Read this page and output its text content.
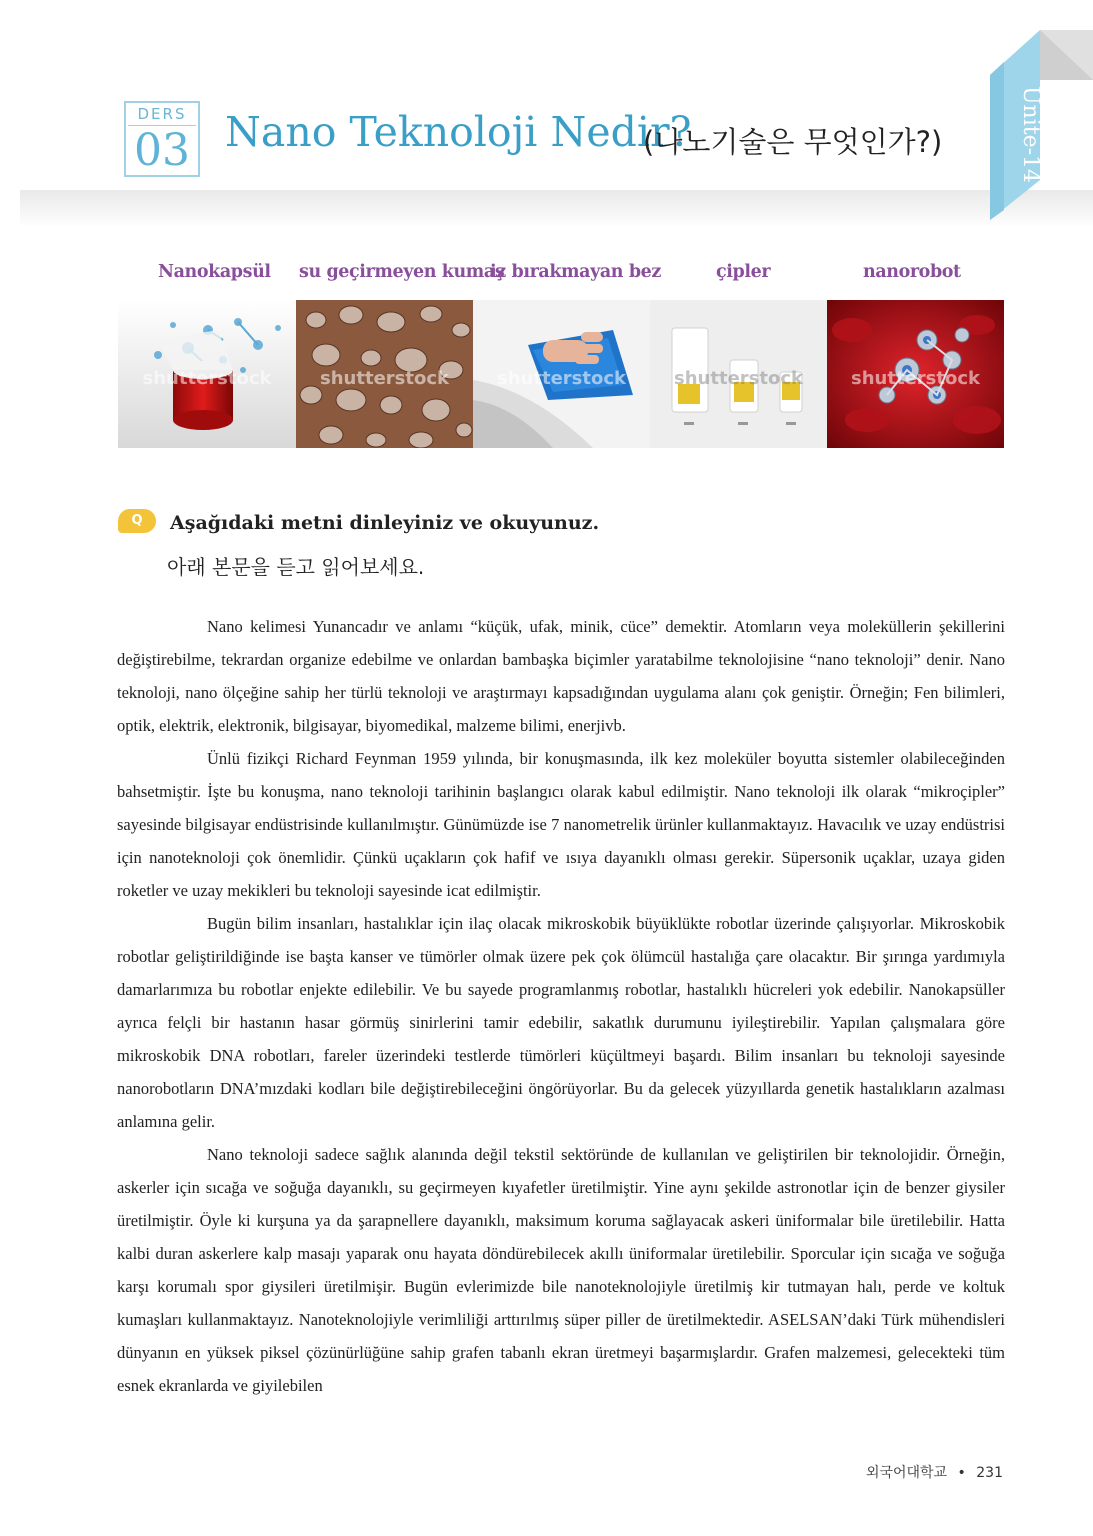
DERS
03 Nano Teknoloji Nedir?
(나노기술은 무엇인가?)	Ünite-14
Nanokapsül su geçirmeyen kumaş
iz bırakmayan bez	çipler	nanorobot
shutterstock	shutterstock	shutterstock	shutterstock	shutterstock
Q	Aşağıdaki metni dinleyiniz ve okuyunuz.
아래 본문을 듣고 읽어보세요.

Nano kelimesi Yunancadır ve anlamı “küçük, ufak, minik, cüce” demektir. Atomların veya moleküllerin şekillerini değiştirebilme, tekrardan organize edebilme ve onlardan bambaşka biçimler yaratabilme teknolojisine “nano teknoloji” denir. Nano teknoloji, nano ölçeğine sahip her türlü teknoloji ve araştırmayı kapsadığından uygulama alanı çok geniştir. Örneğin; Fen bilimleri, optik, elektrik, elektronik, bilgisayar, biyomedikal, malzeme bilimi, enerjivb.

Ünlü fizikçi Richard Feynman 1959 yılında, bir konuşmasında, ilk kez moleküler boyutta sistemler olabileceğinden bahsetmiştir. İşte bu konuşma, nano teknoloji tarihinin başlangıcı olarak kabul edilmiştir. Nano teknoloji ilk olarak “mikroçipler” sayesinde bilgisayar endüstrisinde kullanılmıştır. Günümüzde ise 7 nanometrelik ürünler kullanmaktayız. Havacılık ve uzay endüstrisi için nanoteknoloji çok önemlidir. Çünkü uçakların çok hafif ve ısıya dayanıklı olması gerekir. Süpersonik uçaklar, uzaya giden roketler ve uzay mekikleri bu teknoloji sayesinde icat edilmiştir.

Bugün bilim insanları, hastalıklar için ilaç olacak mikroskobik büyüklükte robotlar üzerinde çalışıyorlar. Mikroskobik robotlar geliştirildiğinde ise başta kanser ve tümörler olmak üzere pek çok ölümcül hastalığa çare olacaktır. Bir şırınga yardımıyla damarlarımıza bu robotlar enjekte edilebilir. Ve bu sayede programlanmış robotlar, hastalıklı hücreleri yok edebilir. Nanokapsüller ayrıca felçli bir hastanın hasar görmüş sinirlerini tamir edebilir, sakatlık durumunu iyileştirebilir. Yapılan çalışmalara göre mikroskobik DNA robotları, fareler üzerindeki testlerde tümörleri küçültmeyi başardı. Bilim insanları bu teknoloji sayesinde nanorobotların DNA’mızdaki kodları bile değiştirebileceğini öngörüyorlar. Bu da gelecek yüzyıllarda genetik hastalıkların azalması anlamına gelir.

Nano teknoloji sadece sağlık alanında değil tekstil sektöründe de kullanılan ve geliştirilen bir teknolojidir. Örneğin, askerler için sıcağa ve soğuğa dayanıklı, su geçirmeyen kıyafetler üretilmiştir. Yine aynı şekilde astronotlar için de benzer giysiler üretilmiştir. Öyle ki kurşuna ya da şarapnellere dayanıklı, maksimum koruma sağlayacak askeri üniformalar bile üretilebilir. Hatta kalbi duran askerlere kalp masajı yaparak onu hayata döndürebilecek akıllı üniformalar üretilebilir. Sporcular için sıcağa ve soğuğa karşı korumalı spor giysileri üretilmişir. Bugün evlerimizde bile nanoteknolojiyle üretilmiş kir tutmayan halı, perde ve koltuk kumaşları kullanmaktayız. Nanoteknolojiyle verimliliği arttırılmış süper piller de üretilmektedir. ASELSAN’daki Türk mühendisleri dünyanın en yüksek piksel çözünürlüğüne sahip grafen tabanlı ekran üretmeyi başarmışlardır. Grafen malzemesi, gelecekteki tüm esnek ekranlarda ve giyilebilen

외국어대학교 • 231
